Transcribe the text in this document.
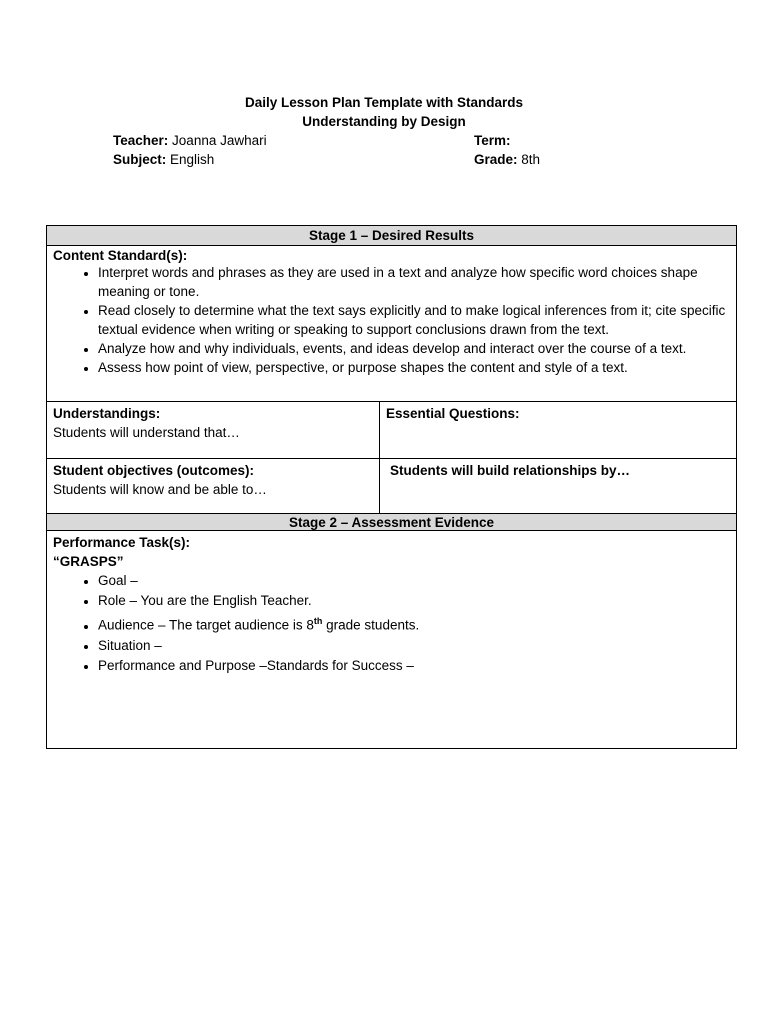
Daily Lesson Plan Template with Standards
Understanding by Design
Teacher: Joanna Jawhari
Subject: English
Term:
Grade: 8th
Stage 1 – Desired Results
Content Standard(s):
• Interpret words and phrases as they are used in a text and analyze how specific word choices shape meaning or tone.
• Read closely to determine what the text says explicitly and to make logical inferences from it; cite specific textual evidence when writing or speaking to support conclusions drawn from the text.
• Analyze how and why individuals, events, and ideas develop and interact over the course of a text.
• Assess how point of view, perspective, or purpose shapes the content and style of a text.
Understandings:
Students will understand that…
Essential Questions:
Student objectives (outcomes):
Students will know and be able to…
Students will build relationships by…
Stage 2 – Assessment Evidence
Performance Task(s):
“GRASPS”
• Goal –
• Role – You are the English Teacher.
• Audience – The target audience is 8th grade students.
• Situation –
• Performance and Purpose –Standards for Success –
